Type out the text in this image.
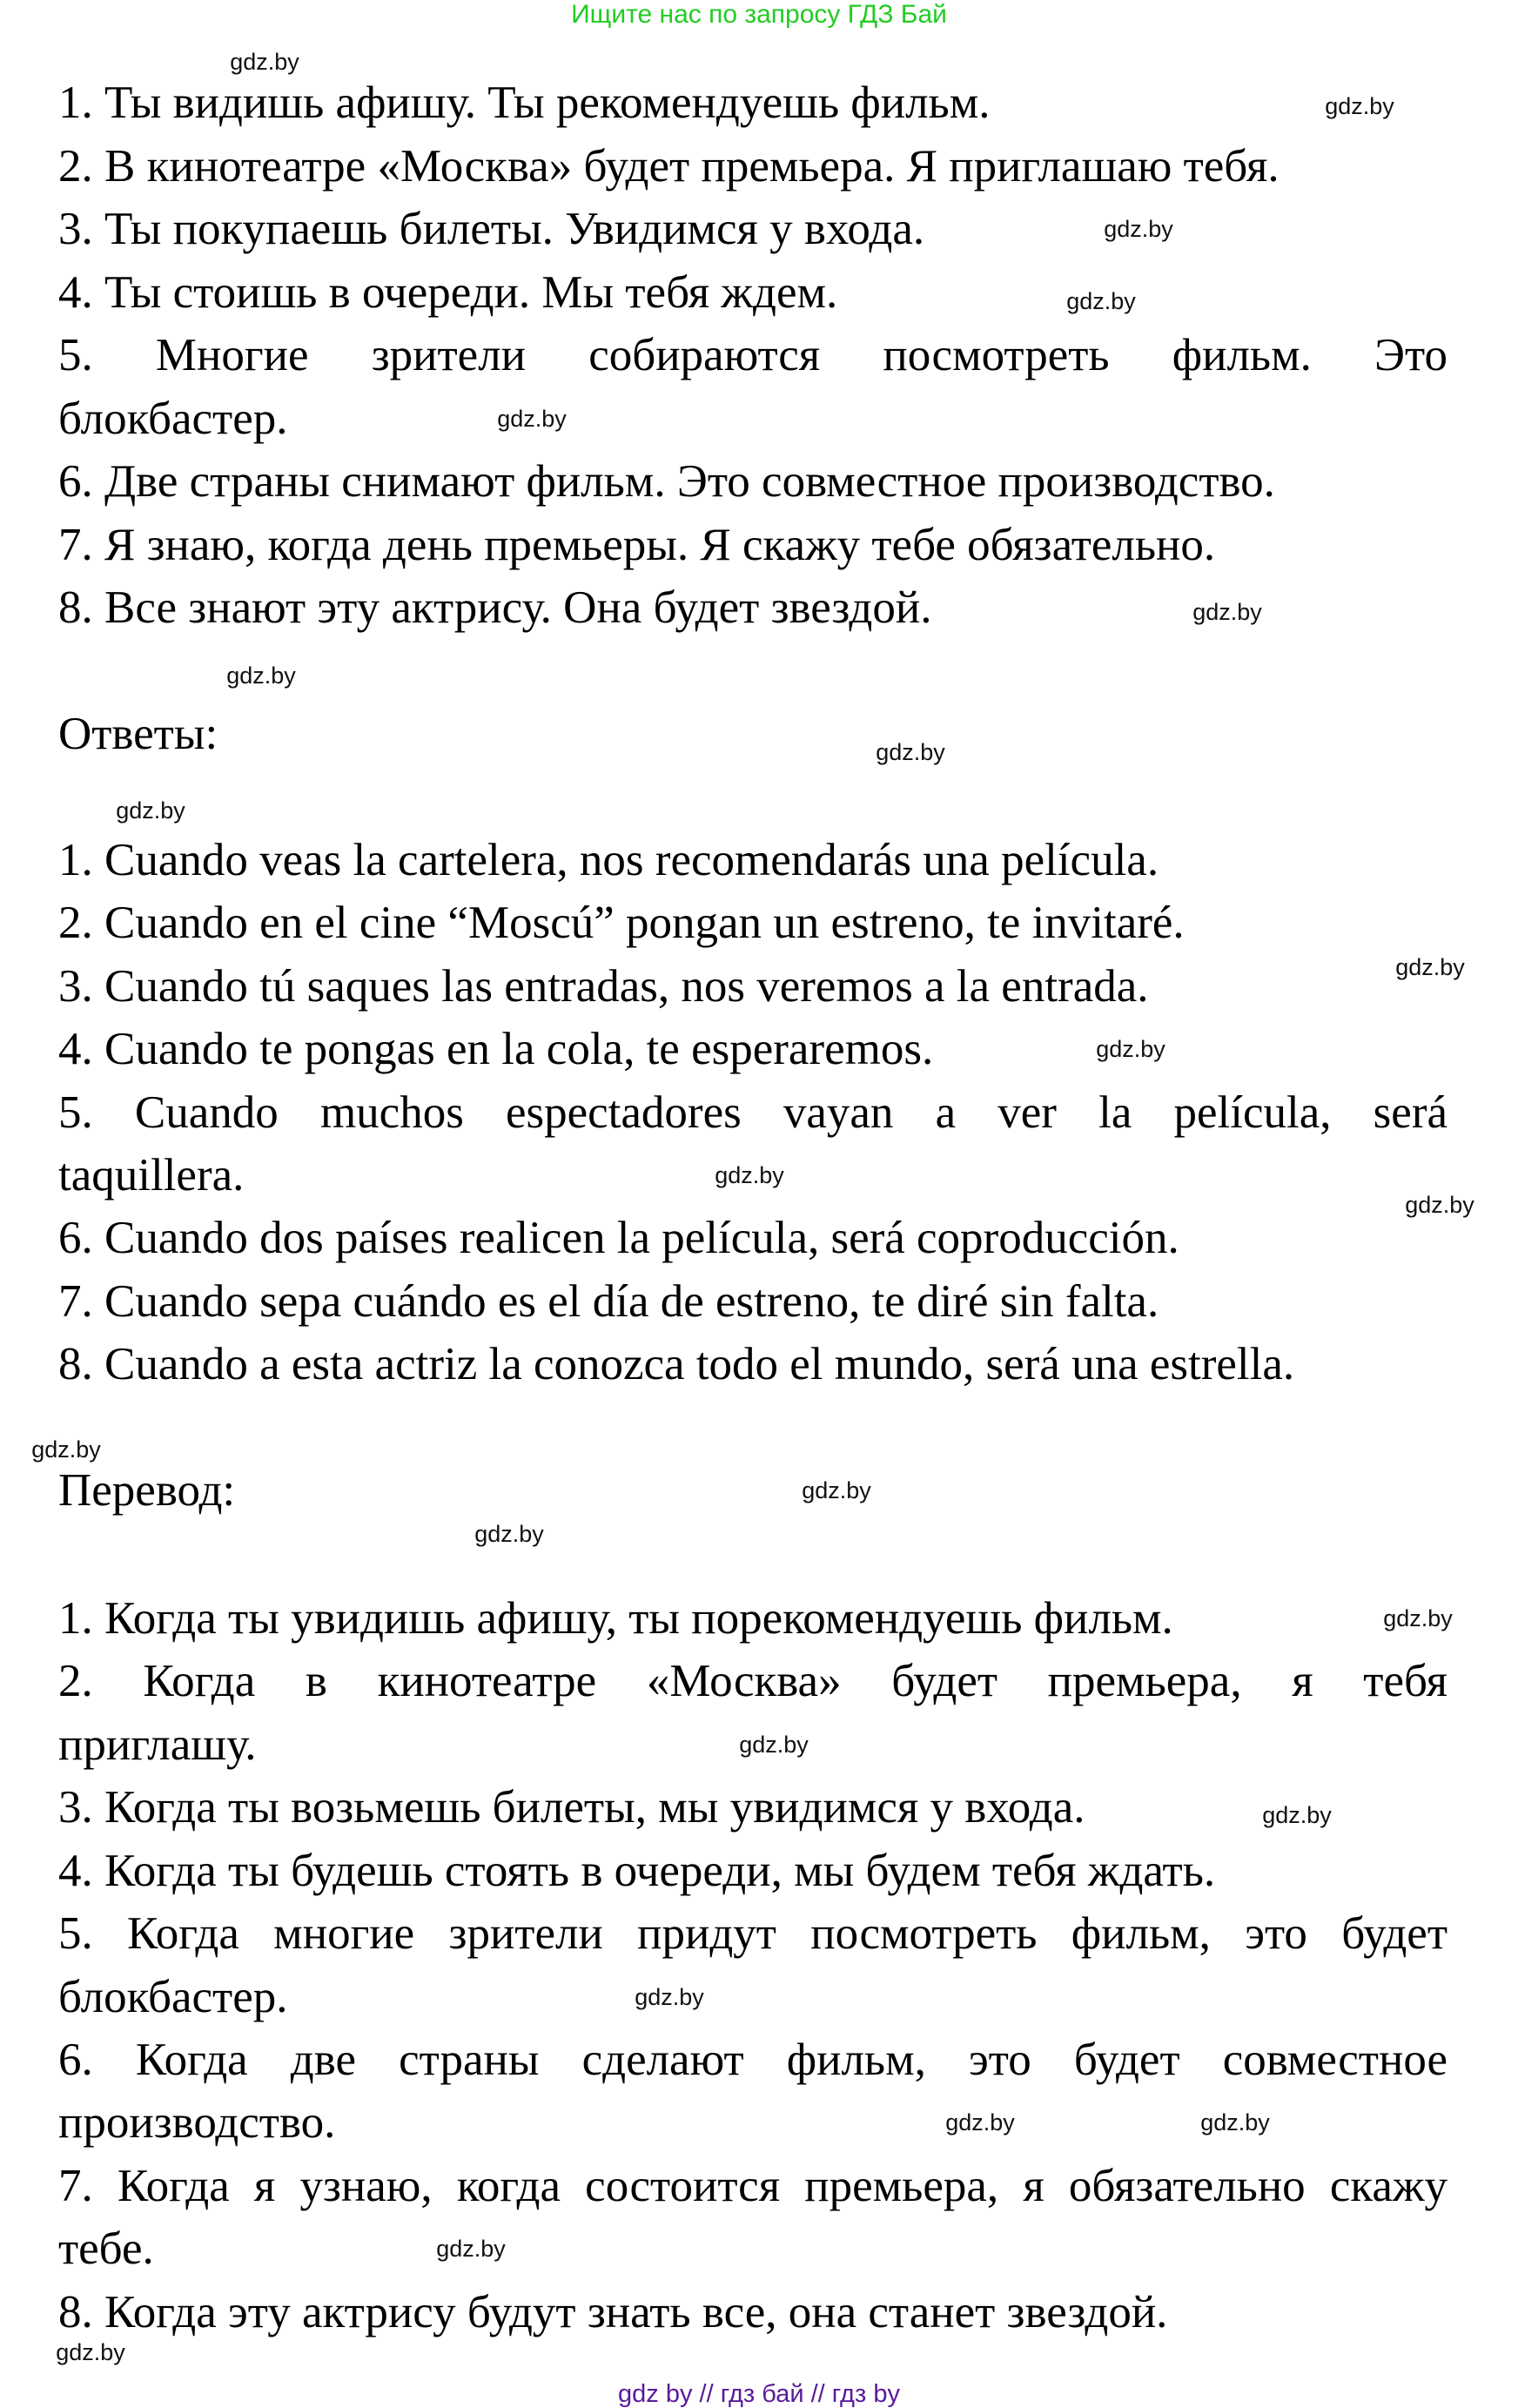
Ищите нас по запросу ГДЗ Бай
1. Ты видишь афишу. Ты рекомендуешь фильм.
2. В кинотеатре «Москва» будет премьера. Я приглашаю тебя.
3. Ты покупаешь билеты. Увидимся у входа.
4. Ты стоишь в очереди. Мы тебя ждем.
5. Многие зрители собираются посмотреть фильм. Это
блокбастер.
6. Две страны снимают фильм. Это совместное производство.
7. Я знаю, когда день премьеры. Я скажу тебе обязательно.
8. Все знают эту актрису. Она будет звездой.
Ответы:
1. Cuando veas la cartelera, nos recomendarás una película.
2. Cuando en el cine “Moscú” pongan un estreno, te invitaré.
3. Cuando tú saques las entradas, nos veremos a la entrada.
4. Cuando te pongas en la cola, te esperaremos.
5. Cuando muchos espectadores vayan a ver la película, será
taquillera.
6. Cuando dos países realicen la película, será coproducción.
7. Cuando sepa cuándo es el día de estreno, te diré sin falta.
8. Cuando a esta actriz la conozca todo el mundo, será una estrella.
Перевод:
1. Когда ты увидишь афишу, ты порекомендуешь фильм.
2. Когда в кинотеатре «Москва» будет премьера, я тебя
приглашу.
3. Когда ты возьмешь билеты, мы увидимся у входа.
4. Когда ты будешь стоять в очереди, мы будем тебя ждать.
5. Когда многие зрители придут посмотреть фильм, это будет
блокбастер.
6. Когда две страны сделают фильм, это будет совместное
производство.
7. Когда я узнаю, когда состоится премьера, я обязательно скажу
тебе.
8. Когда эту актрису будут знать все, она станет звездой.
gdz.by
gdz.by
gdz.by
gdz.by
gdz.by
gdz.by
gdz.by
gdz.by
gdz.by
gdz.by
gdz.by
gdz.by
gdz.by
gdz.by
gdz.by
gdz.by
gdz.by
gdz.by
gdz.by
gdz.by
gdz.by	gdz.by
gdz.by
gdz.by
gdz by // гдз бай // гдз by
